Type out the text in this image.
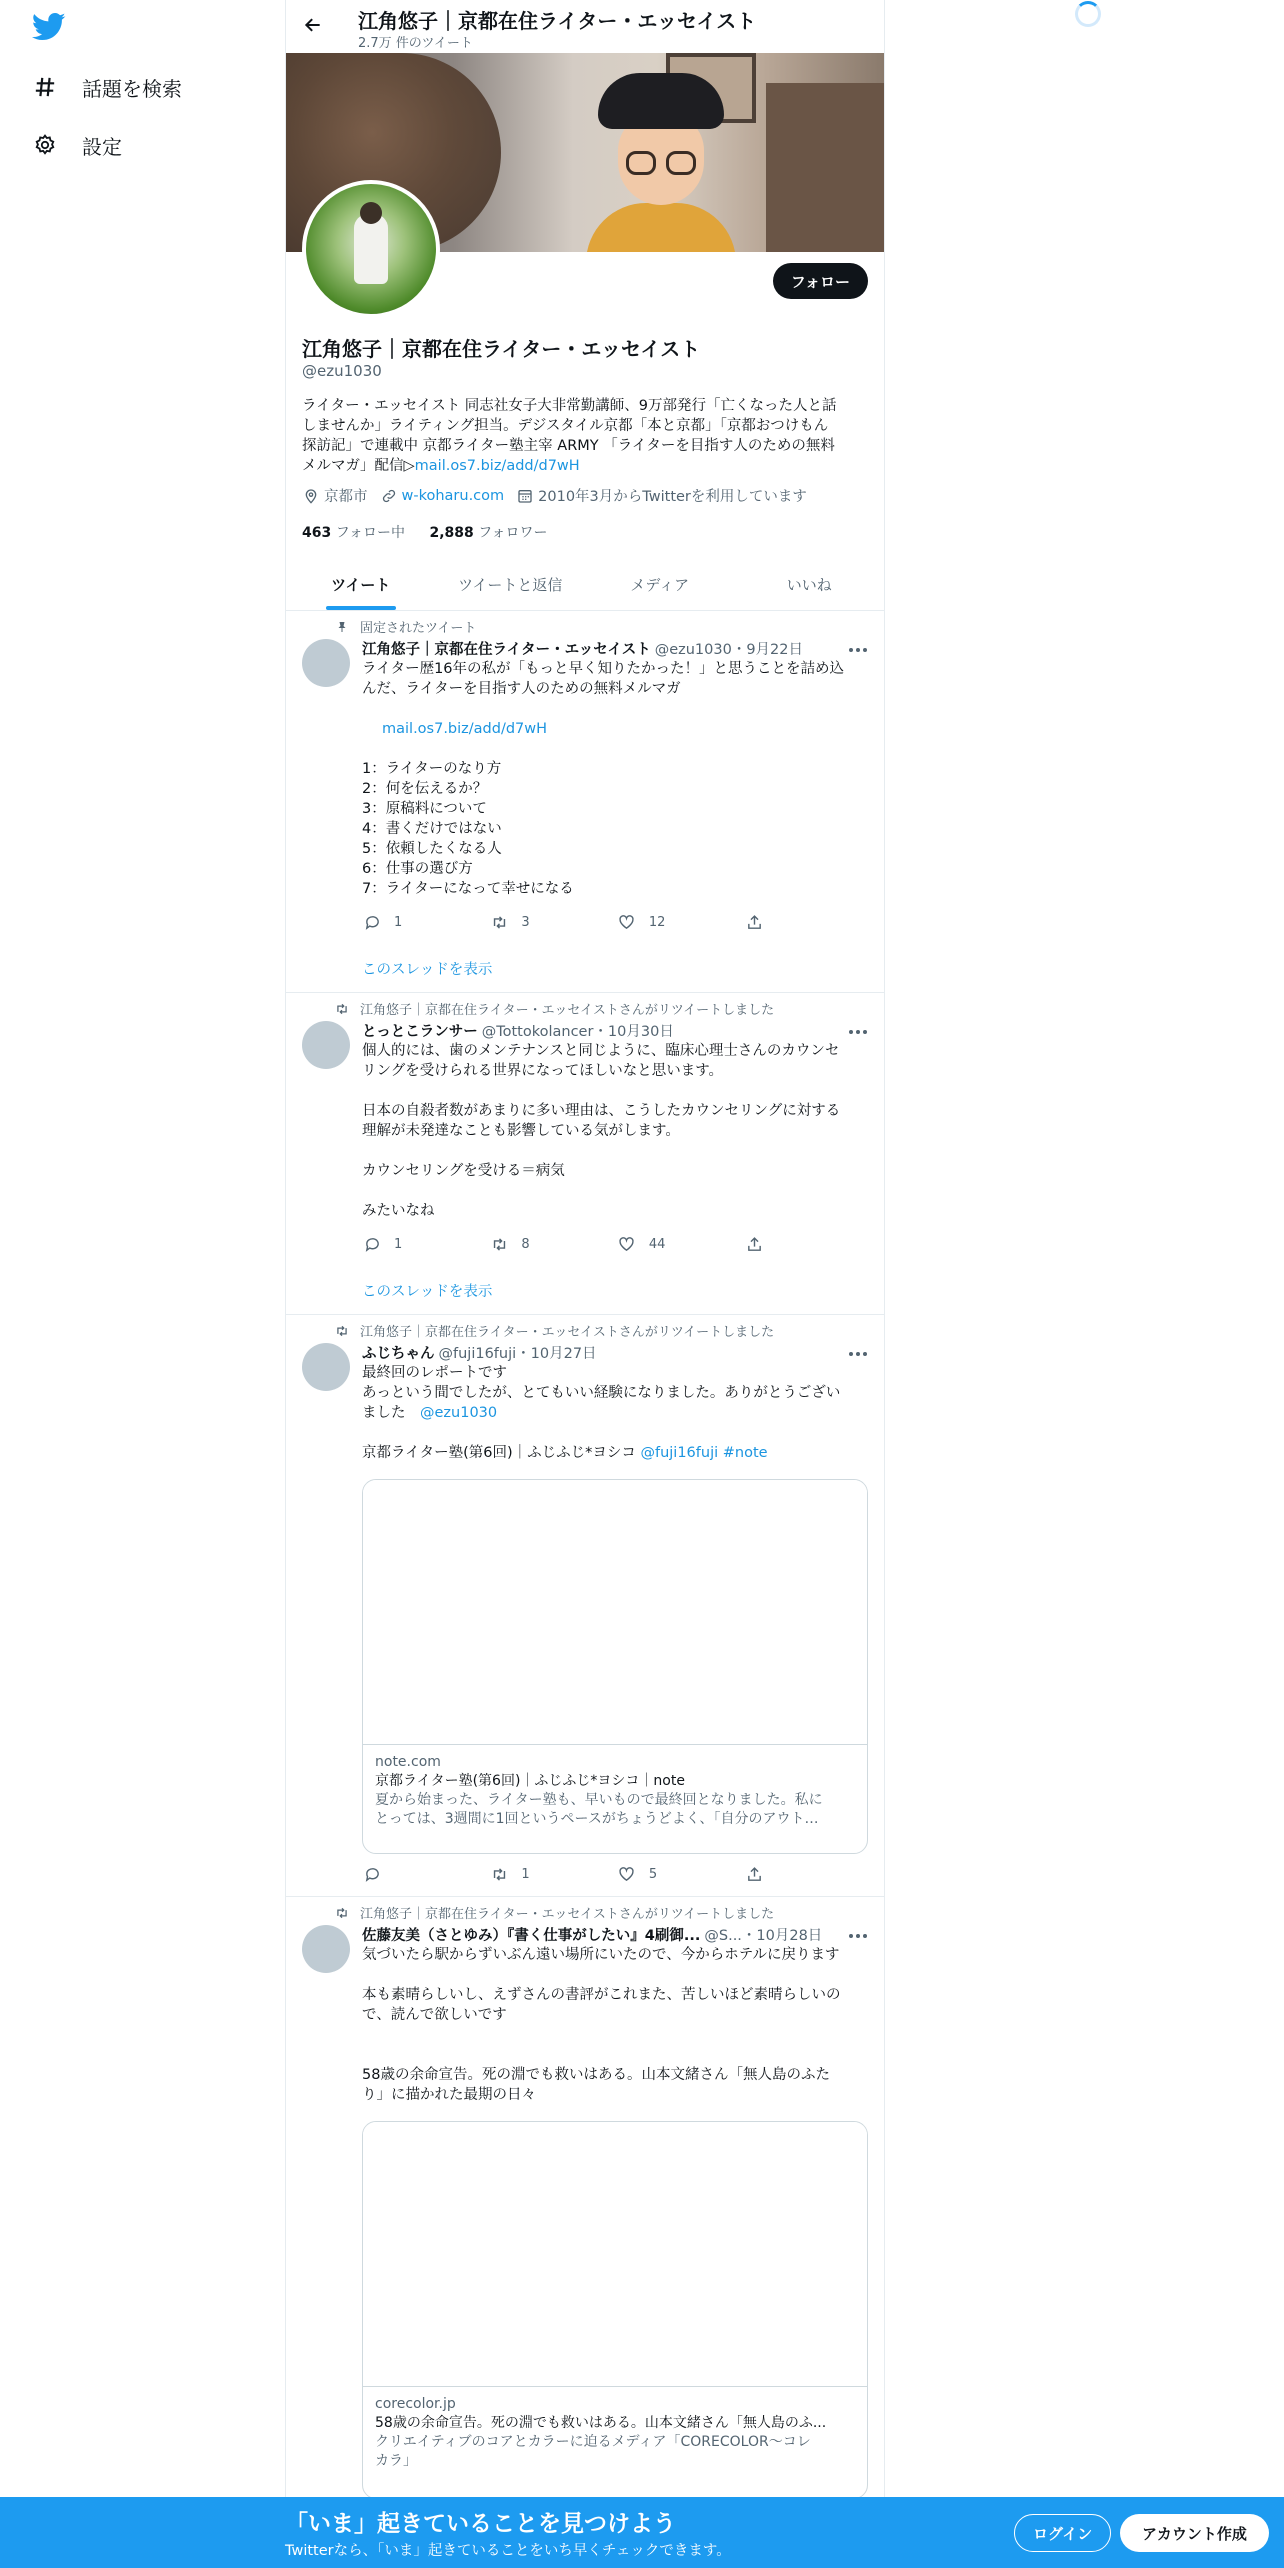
話題を検索
設定
江角悠子｜京都在住ライター・エッセイスト
2.7万 件のツイート
フォロー
江角悠子｜京都在住ライター・エッセイスト
@ezu1030
ライター・エッセイスト 同志社女子大非常勤講師、9万部発行「亡くなった人と話
しませんか」ライティング担当。デジスタイル京都「本と京都」「京都おつけもん
探訪記」で連載中 京都ライター塾主宰 ARMY 「ライターを目指す人のための無料
メルマガ」配信▷mail.os7.biz/add/d7wH
京都市 w-koharu.com 2010年3月からTwitterを利用しています
463 フォロー中 2,888 フォロワー
ツイート	ツイートと返信	メディア	いいね
固定されたツイート
江角悠子｜京都在住ライター・エッセイスト @ezu1030・9月22日
ライター歴16年の私が「もっと早く知りたかった！」と思うことを詰め込
んだ、ライターを目指す人のための無料メルマガ
mail.os7.biz/add/d7wH
1：ライターのなり方
2：何を伝えるか？
3：原稿料について
4：書くだけではない
5：依頼したくなる人
6：仕事の選び方
7：ライターになって幸せになる
1	3	12
このスレッドを表示
江角悠子｜京都在住ライター・エッセイストさんがリツイートしました
とっとこランサー @Tottokolancer・10月30日
個人的には、歯のメンテナンスと同じように、臨床心理士さんのカウンセ
リングを受けられる世界になってほしいなと思います。
日本の自殺者数があまりに多い理由は、こうしたカウンセリングに対する
理解が未発達なことも影響している気がします。
カウンセリングを受ける＝病気
みたいなね
1	8	44
このスレッドを表示
江角悠子｜京都在住ライター・エッセイストさんがリツイートしました
ふじちゃん @fuji16fuji・10月27日
最終回のレポートです
あっという間でしたが、とてもいい経験になりました。ありがとうござい
ました　@ezu1030
京都ライター塾(第6回)｜ふじふじ*ヨシコ @fuji16fuji #note
note.com
京都ライター塾(第6回)｜ふじふじ*ヨシコ｜note
夏から始まった、ライター塾も、早いもので最終回となりました。私に
とっては、3週間に1回というペースがちょうどよく、「自分のアウト…
1	5
江角悠子｜京都在住ライター・エッセイストさんがリツイートしました
佐藤友美（さとゆみ）『書く仕事がしたい』4刷御... @S...・10月28日
気づいたら駅からずいぶん遠い場所にいたので、今からホテルに戻ります
本も素晴らしいし、えずさんの書評がこれまた、苦しいほど素晴らしいの
で、読んで欲しいです
58歳の余命宣告。死の淵でも救いはある。山本文緒さん「無人島のふた
り」に描かれた最期の日々
corecolor.jp
58歳の余命宣告。死の淵でも救いはある。山本文緒さん「無人島のふ...
クリエイティブのコアとカラーに迫るメディア「CORECOLOR〜コレ
カラ」
「いま」起きていることを見つけよう
Twitterなら、「いま」起きていることをいち早くチェックできます。
ログイン	アカウント作成
